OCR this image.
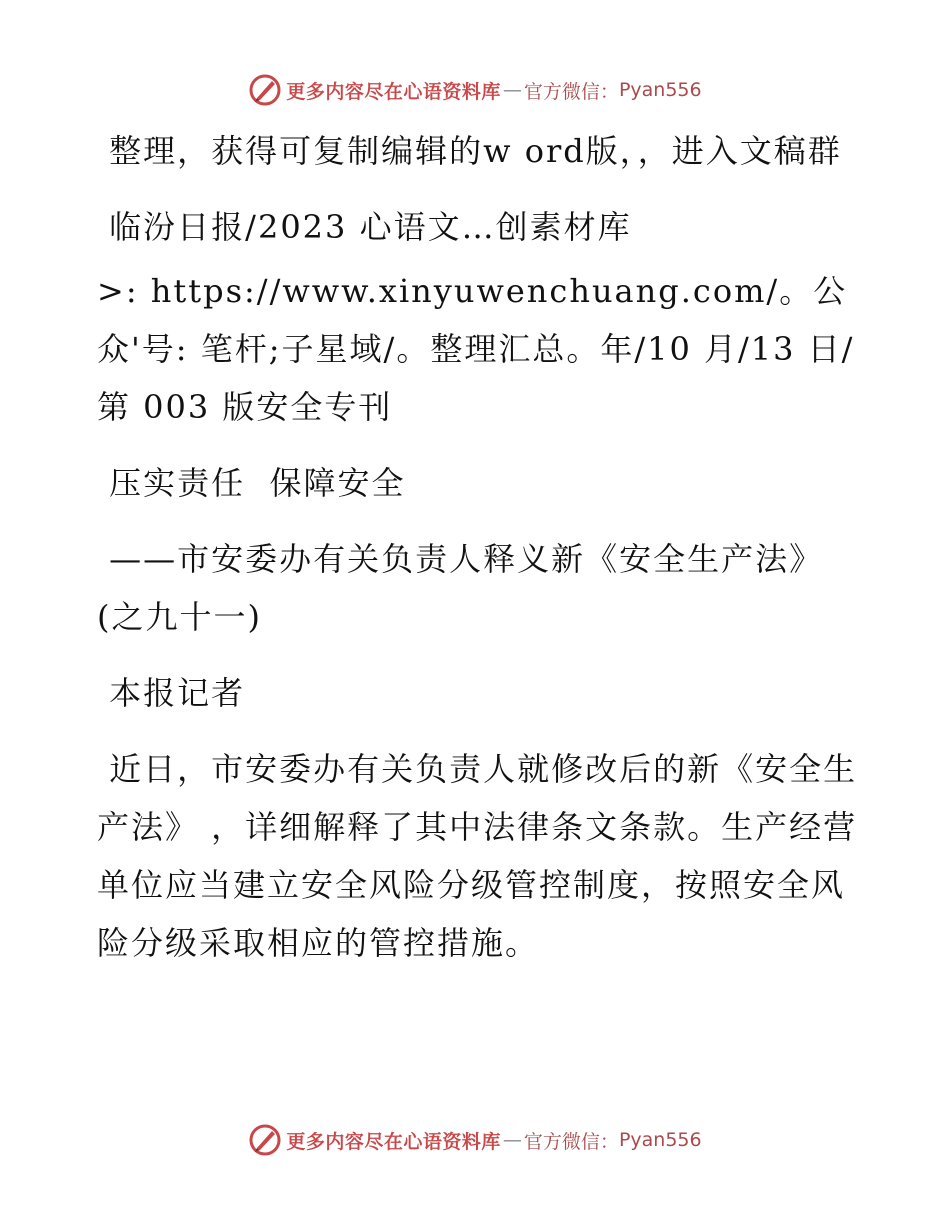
更多内容尽在心语资料库 — 官方微信： Pyan556

整理，获得可复制编辑的w ord版，，进入文稿群

临汾日报/2023 心语文…创素材库

>: https://www.xinyuwenchuang.com/。公众'号: 笔杆;子星域/。整理汇总。年/10 月/13 日/第 003 版安全专刊

压实责任  保障安全

——市安委办有关负责人释义新《安全生产法》(之九十一)

本报记者

近日，市安委办有关负责人就修改后的新《安全生产法》 ，详细解释了其中法律条文条款。生产经营单位应当建立安全风险分级管控制度，按照安全风险分级采取相应的管控措施。

更多内容尽在心语资料库 — 官方微信： Pyan556
